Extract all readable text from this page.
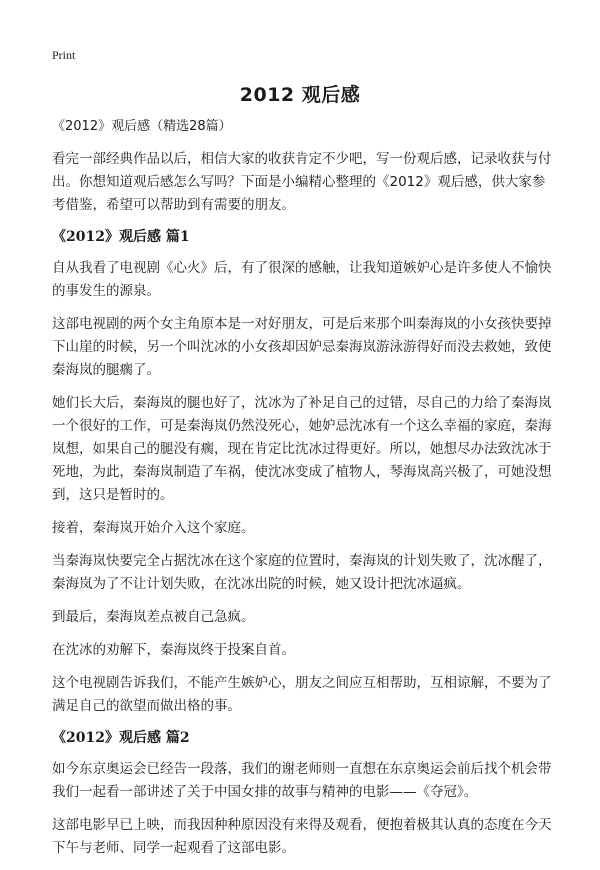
Print
2012 观后感

《2012》观后感（精选28篇）

看完一部经典作品以后，相信大家的收获肯定不少吧，写一份观后感，记录收获与付出。你想知道观后感怎么写吗？下面是小编精心整理的《2012》观后感，供大家参考借鉴，希望可以帮助到有需要的朋友。

《2012》观后感 篇1

自从我看了电视剧《心火》后，有了很深的感触，让我知道嫉妒心是许多使人不愉快的事发生的源泉。

这部电视剧的两个女主角原本是一对好朋友，可是后来那个叫秦海岚的小女孩快要掉下山崖的时候，另一个叫沈冰的小女孩却因妒忌秦海岚游泳游得好而没去救她，致使秦海岚的腿瘸了。

她们长大后，秦海岚的腿也好了，沈冰为了补足自己的过错，尽自己的力给了秦海岚一个很好的工作，可是秦海岚仍然没死心，她妒忌沈冰有一个这么幸福的家庭，秦海岚想，如果自己的腿没有瘸，现在肯定比沈冰过得更好。所以，她想尽办法致沈冰于死地，为此，秦海岚制造了车祸，使沈冰变成了植物人，琴海岚高兴极了，可她没想到，这只是暂时的。

接着，秦海岚开始介入这个家庭。

当秦海岚快要完全占据沈冰在这个家庭的位置时，秦海岚的计划失败了，沈冰醒了，秦海岚为了不让计划失败，在沈冰出院的时候，她又设计把沈冰逼疯。

到最后，秦海岚差点被自己急疯。

在沈冰的劝解下，秦海岚终于投案自首。

这个电视剧告诉我们，不能产生嫉妒心，朋友之间应互相帮助，互相谅解，不要为了满足自己的欲望而做出格的事。

《2012》观后感 篇2

如今东京奥运会已经告一段落，我们的谢老师则一直想在东京奥运会前后找个机会带我们一起看一部讲述了关于中国女排的故事与精神的电影——《夺冠》。

这部电影早已上映，而我因种种原因没有来得及观看，便抱着极其认真的态度在今天下午与老师、同学一起观看了这部电影。
